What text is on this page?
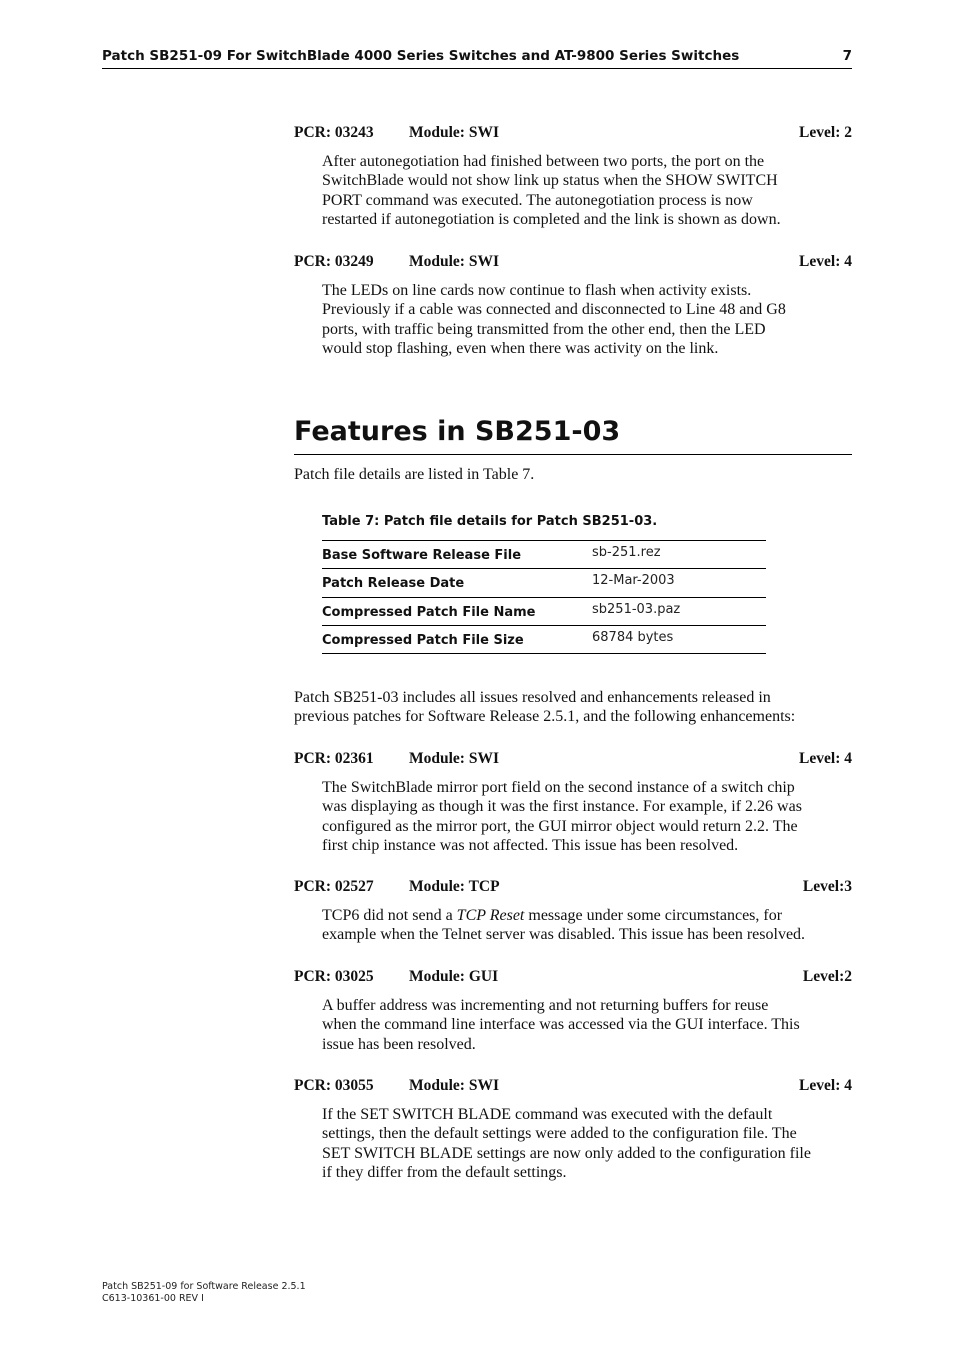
Patch SB251-09 For SwitchBlade 4000 Series Switches and AT-9800 Series Switches	7
PCR: 03243 Module: SWI	Level: 2

After autonegotiation had finished between two ports, the port on the
SwitchBlade would not show link up status when the SHOW SWITCH
PORT command was executed. The autonegotiation process is now
restarted if autonegotiation is completed and the link is shown as down.

PCR: 03249 Module: SWI	Level: 4

The LEDs on line cards now continue to flash when activity exists.
Previously if a cable was connected and disconnected to Line 48 and G8
ports, with traffic being transmitted from the other end, then the LED
would stop flashing, even when there was activity on the link.

Features in SB251-03

Patch file details are listed in Table 7.

Table 7: Patch file details for Patch SB251-03.
Base Software Release File	sb-251.rez
Patch Release Date	12-Mar-2003
Compressed Patch File Name	sb251-03.paz
Compressed Patch File Size	68784 bytes

Patch SB251-03 includes all issues resolved and enhancements released in
previous patches for Software Release 2.5.1, and the following enhancements:

PCR: 02361 Module: SWI	Level: 4

The SwitchBlade mirror port field on the second instance of a switch chip
was displaying as though it was the first instance. For example, if 2.26 was
configured as the mirror port, the GUI mirror object would return 2.2. The
first chip instance was not affected. This issue has been resolved.

PCR: 02527 Module: TCP	Level:3

TCP6 did not send a TCP Reset message under some circumstances, for
example when the Telnet server was disabled. This issue has been resolved.

PCR: 03025 Module: GUI	Level:2

A buffer address was incrementing and not returning buffers for reuse
when the command line interface was accessed via the GUI interface. This
issue has been resolved.

PCR: 03055 Module: SWI	Level: 4

If the SET SWITCH BLADE command was executed with the default
settings, then the default settings were added to the configuration file. The
SET SWITCH BLADE settings are now only added to the configuration file
if they differ from the default settings.

Patch SB251-09 for Software Release 2.5.1
C613-10361-00 REV I
